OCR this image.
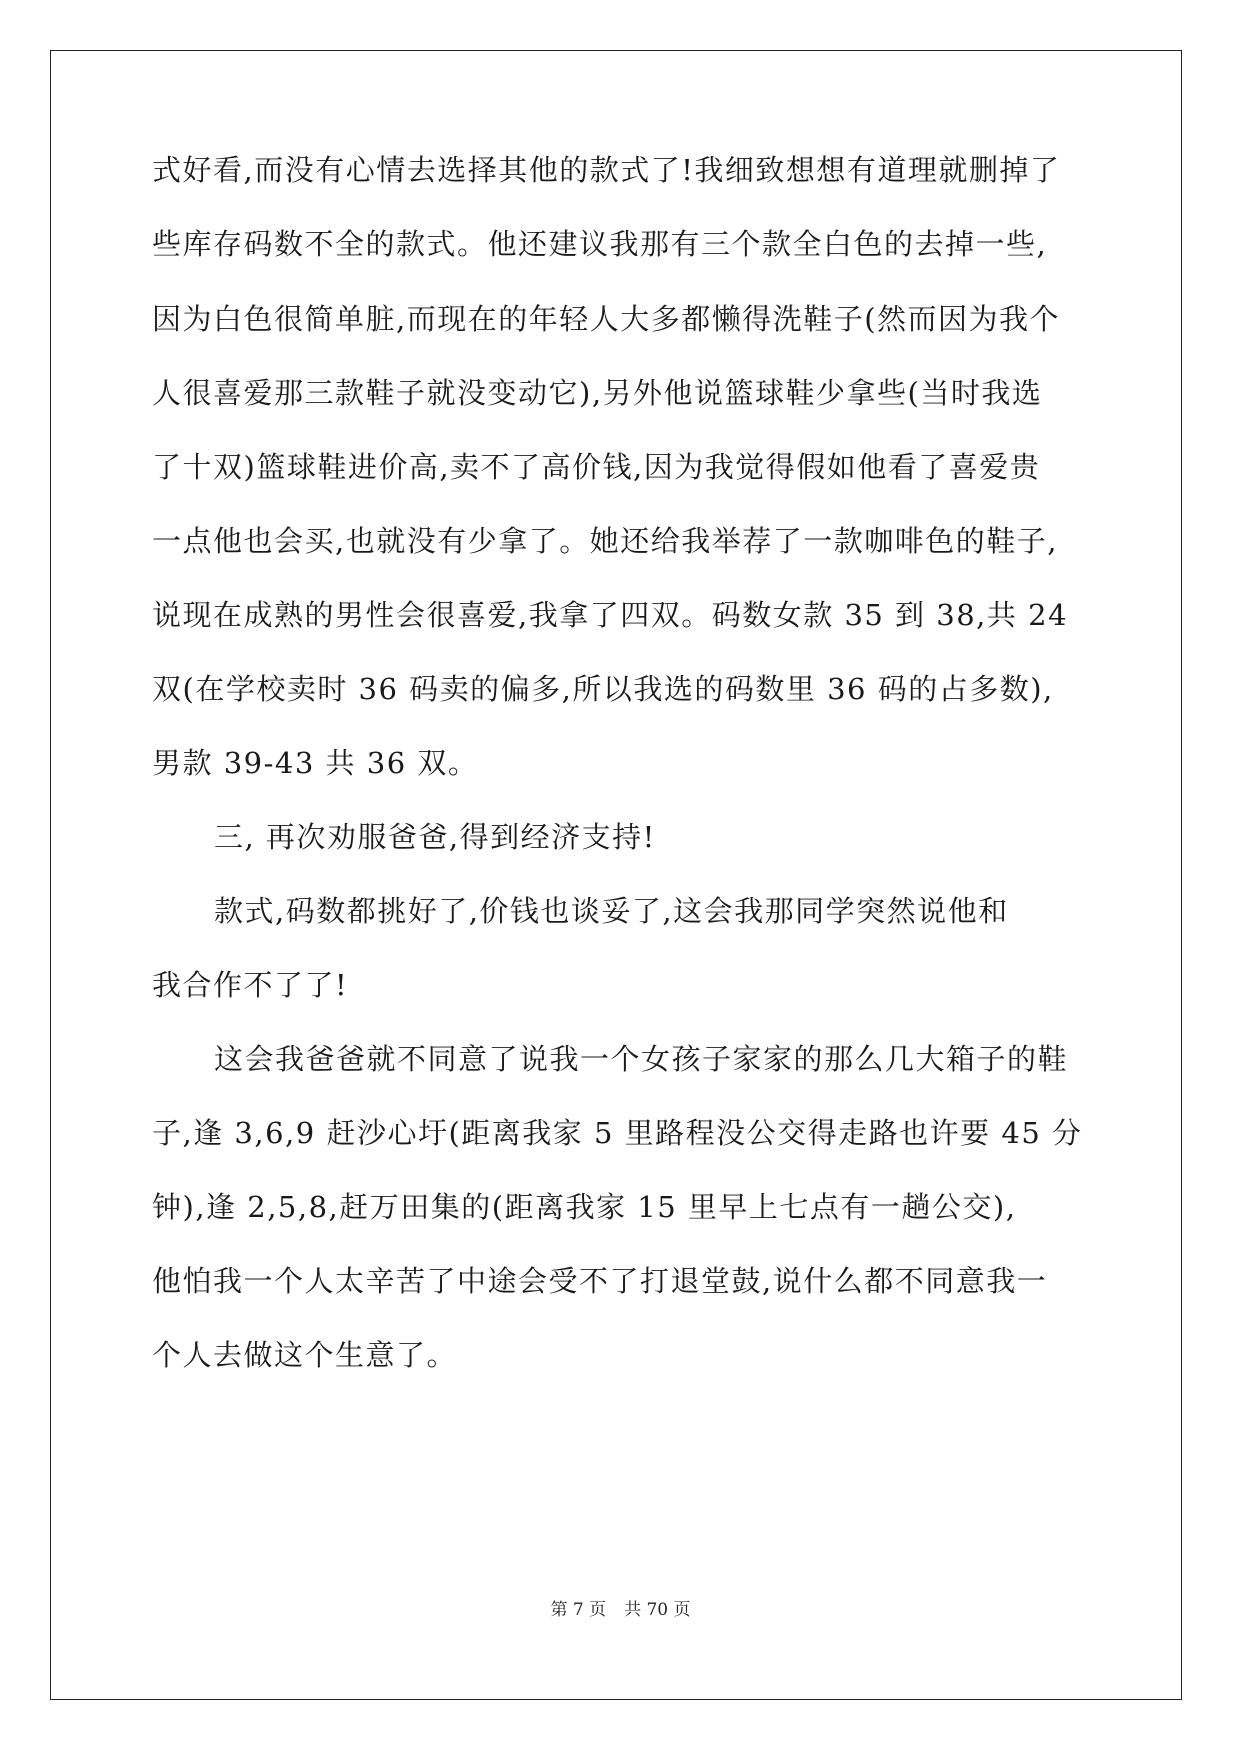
式好看,而没有心情去选择其他的款式了!我细致想想有道理就删掉了
些库存码数不全的款式。他还建议我那有三个款全白色的去掉一些,
因为白色很简单脏,而现在的年轻人大多都懒得洗鞋子(然而因为我个
人很喜爱那三款鞋子就没变动它),另外他说篮球鞋少拿些(当时我选
了十双)篮球鞋进价高,卖不了高价钱,因为我觉得假如他看了喜爱贵
一点他也会买,也就没有少拿了。她还给我举荐了一款咖啡色的鞋子,
说现在成熟的男性会很喜爱,我拿了四双。码数女款 35 到 38,共 24
双(在学校卖时 36 码卖的偏多,所以我选的码数里 36 码的占多数),
男款 39-43 共 36 双。
三, 再次劝服爸爸,得到经济支持!
款式,码数都挑好了,价钱也谈妥了,这会我那同学突然说他和
我合作不了了!
这会我爸爸就不同意了说我一个女孩子家家的那么几大箱子的鞋
子,逢 3,6,9 赶沙心圩(距离我家 5 里路程没公交得走路也许要 45 分
钟),逢 2,5,8,赶万田集的(距离我家 15 里早上七点有一趟公交),
他怕我一个人太辛苦了中途会受不了打退堂鼓,说什么都不同意我一
个人去做这个生意了。
第 7 页 共 70 页
